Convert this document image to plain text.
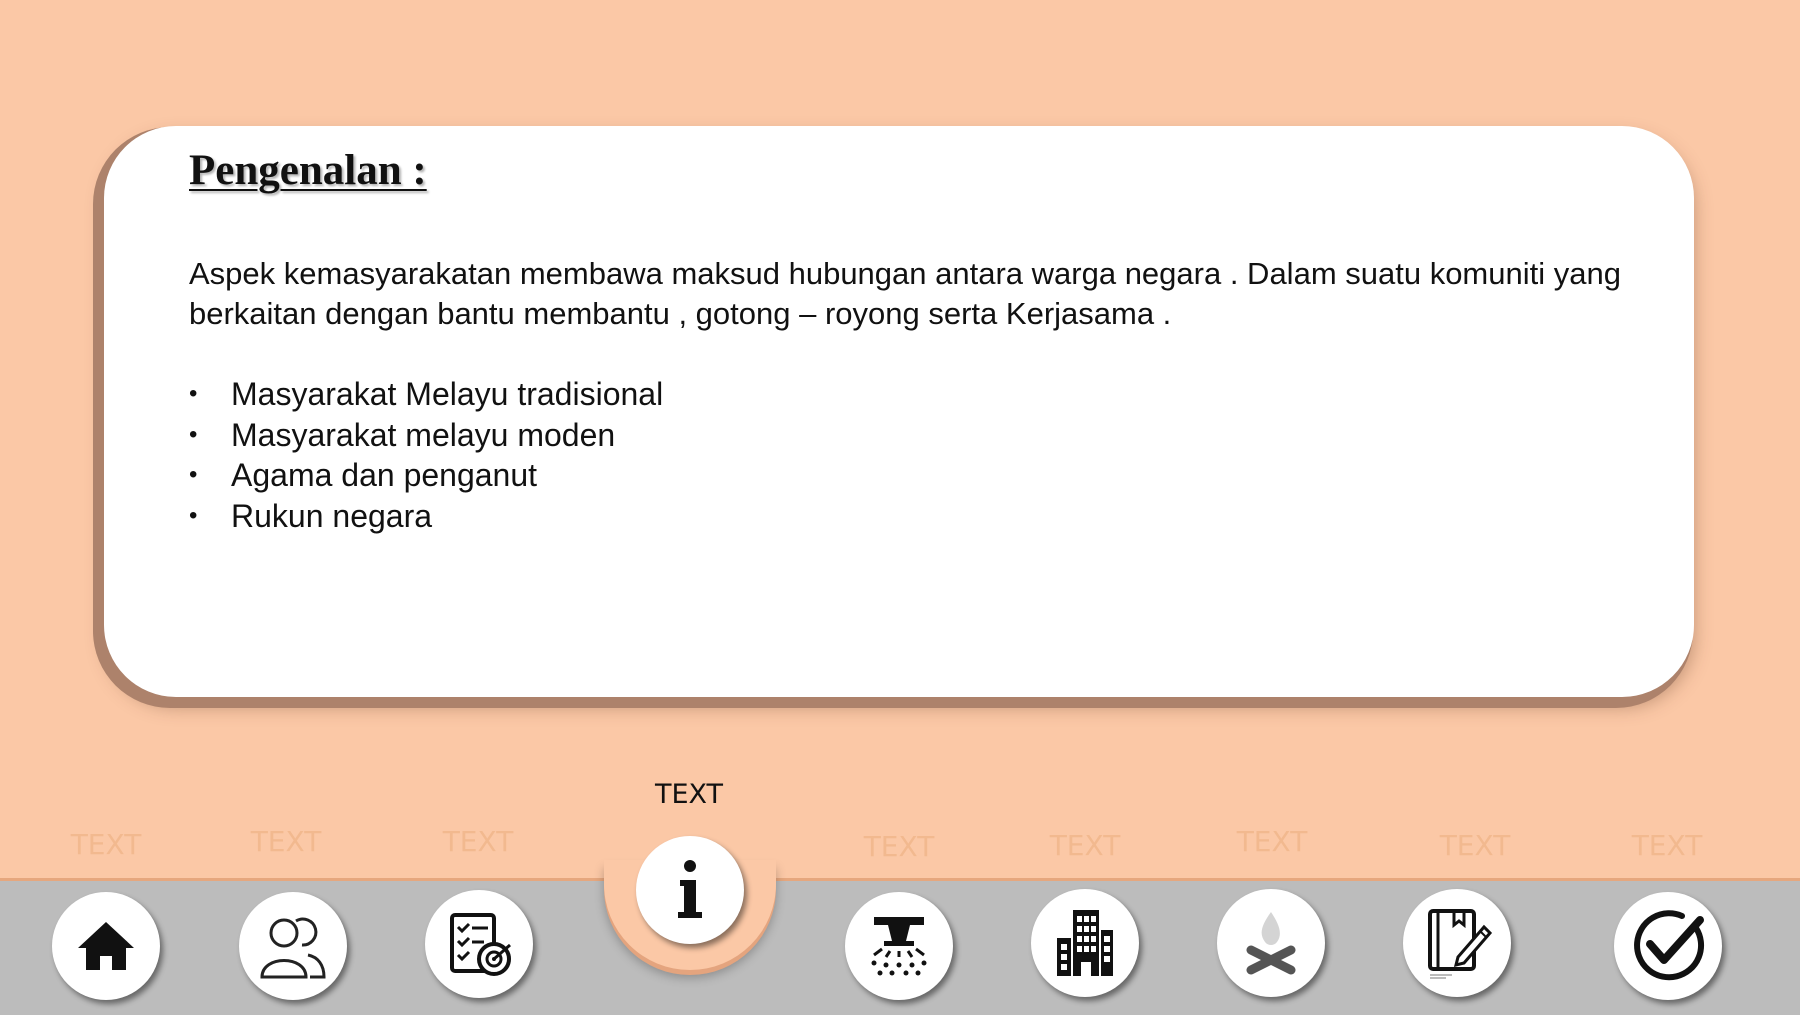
Pengenalan :

Aspek kemasyarakatan membawa maksud hubungan antara warga negara . Dalam suatu komuniti yang berkaitan dengan bantu membantu , gotong – royong serta Kerjasama .

• Masyarakat Melayu tradisional
• Masyarakat melayu moden
• Agama dan penganut
• Rukun negara
TEXT	TEXT	TEXT
TEXT
TEXT	TEXT	TEXT	TEXT	TEXT
